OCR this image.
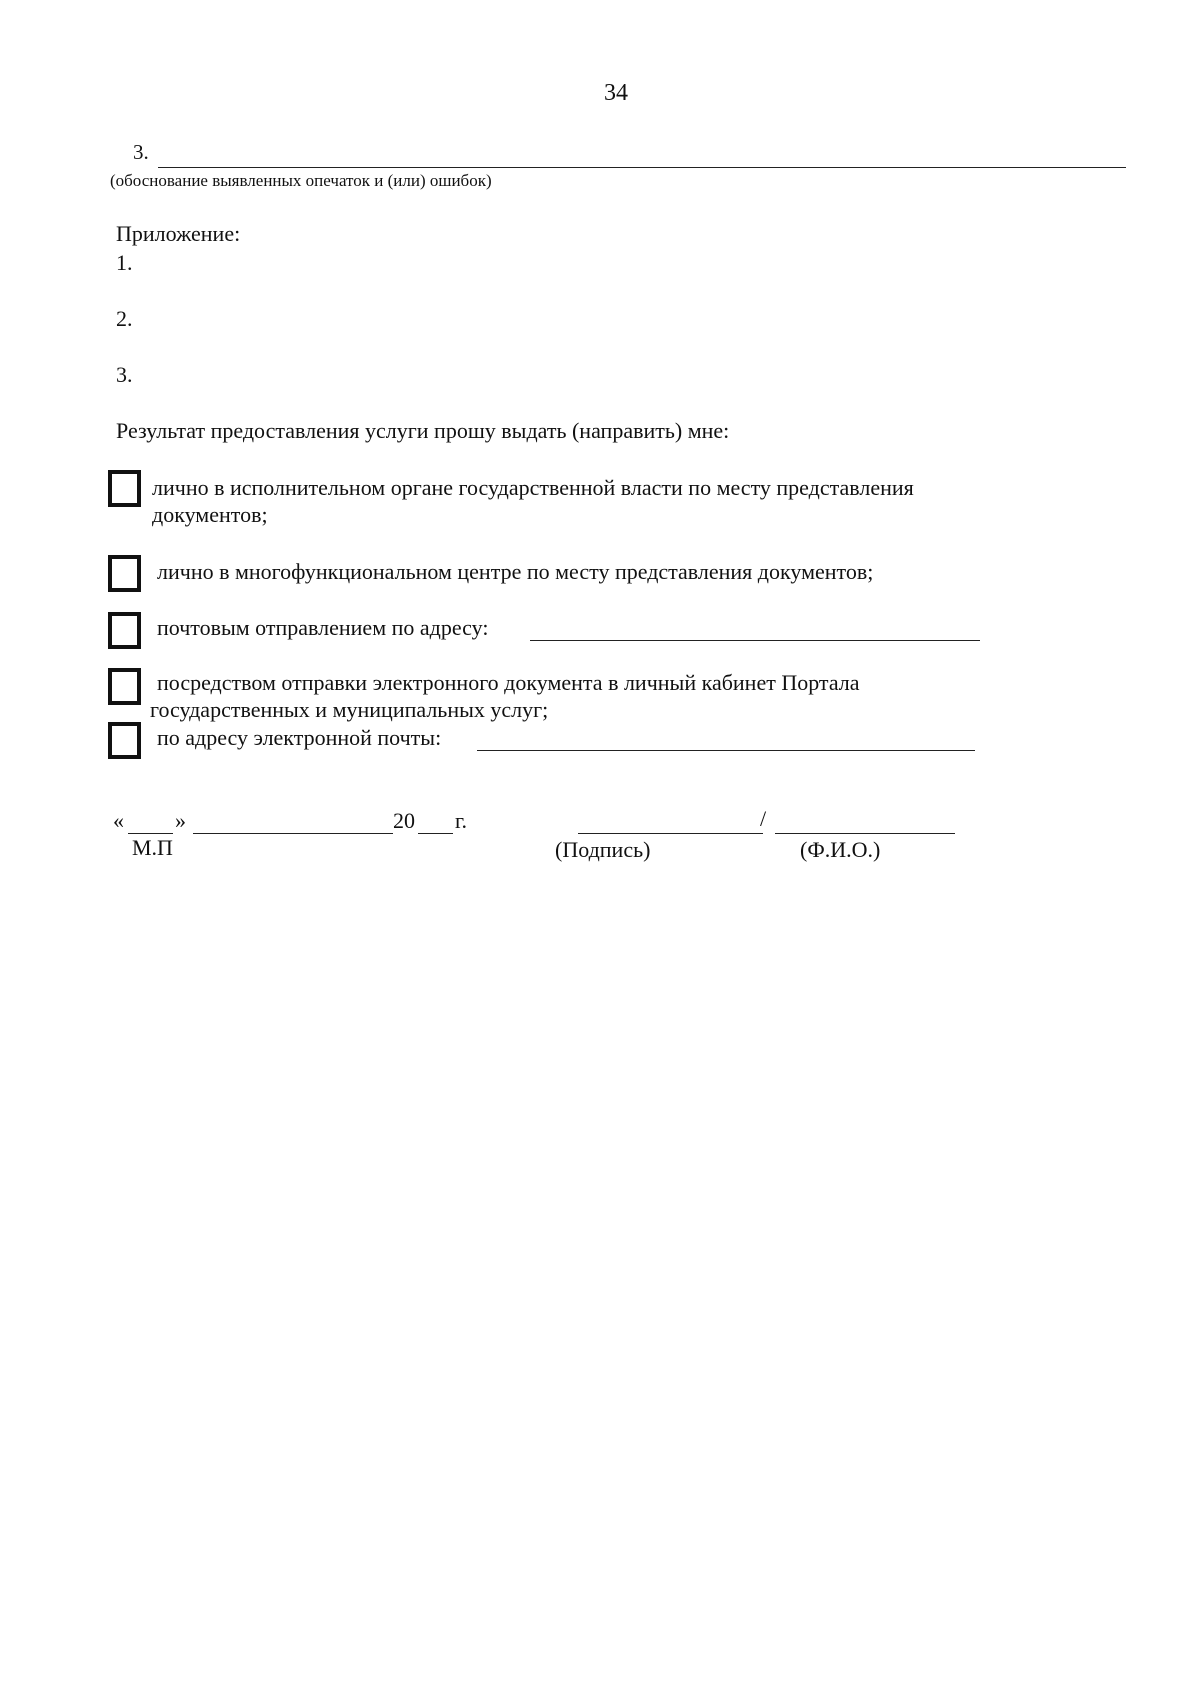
34
3.
(обоснование выявленных опечаток и (или) ошибок)
Приложение:
1.
2.
3.
Результат предоставления услуги прошу выдать (направить) мне:
лично в исполнительном органе государственной власти по месту представления
документов;
лично в многофункциональном центре по месту представления документов;
почтовым отправлением по адресу:
посредством отправки электронного документа в личный кабинет Портала
государственных и муниципальных услуг;
по адресу электронной почты:
« »	20 г.
М.П
/
(Подпись)	(Ф.И.О.)
